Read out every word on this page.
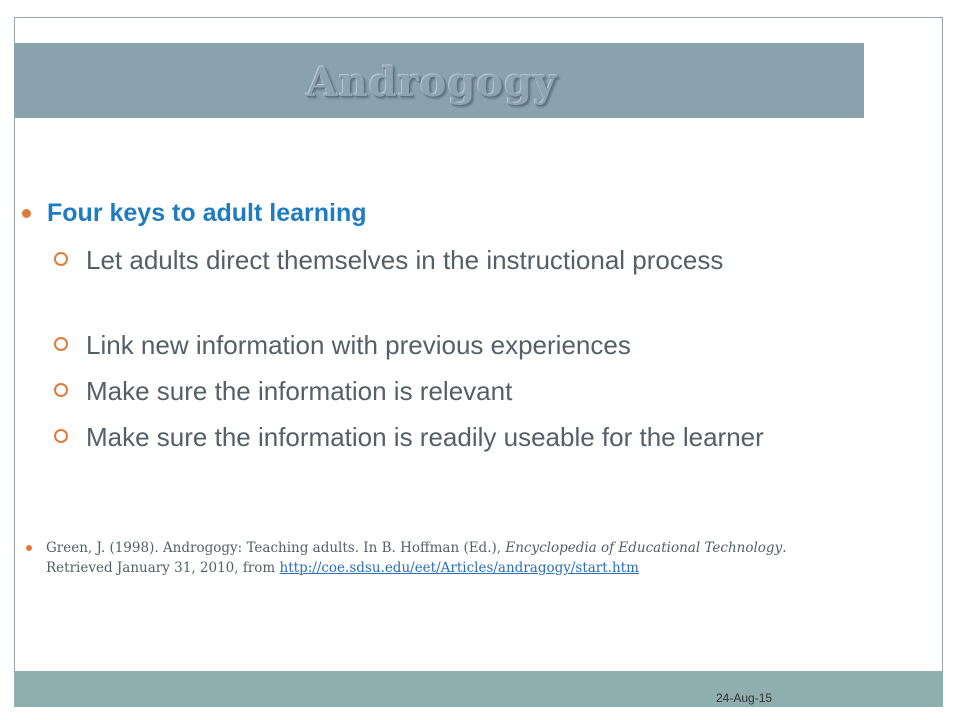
Androgogy
Four keys to adult learning
Let adults direct themselves in the instructional process
Link new information with previous experiences
Make sure the information is relevant
Make sure the information is readily useable for the learner
Green, J. (1998). Androgogy: Teaching adults. In B. Hoffman (Ed.), Encyclopedia of Educational Technology. Retrieved January 31, 2010, from http://coe.sdsu.edu/eet/Articles/andragogy/start.htm
24-Aug-15
